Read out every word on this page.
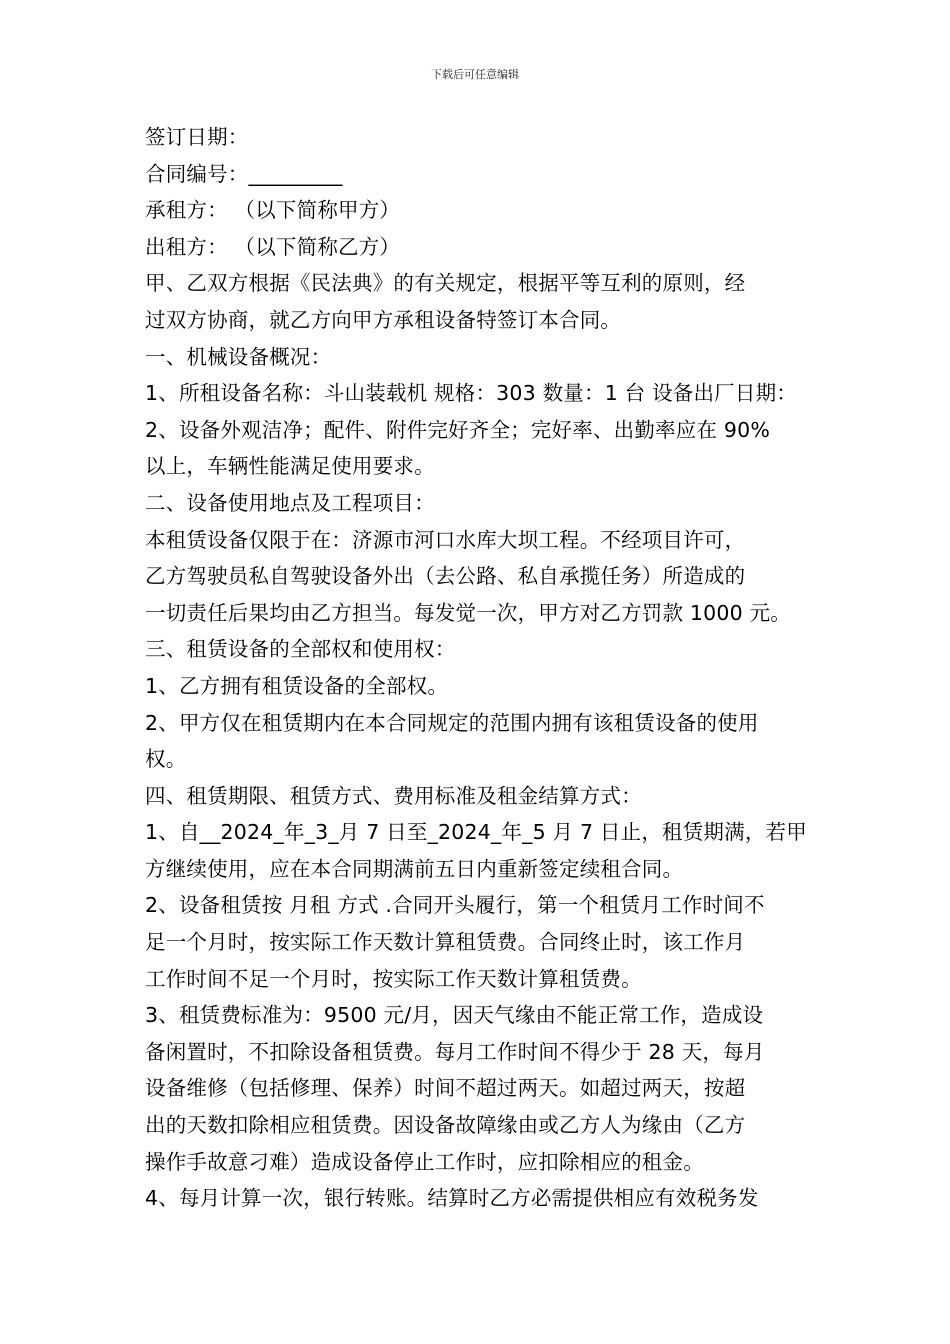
下载后可任意编辑

签订日期：

合同编号：_________

承租方： （以下简称甲方）

出租方： （以下简称乙方）

甲、乙双方根据《民法典》的有关规定，根据平等互利的原则，经

过双方协商，就乙方向甲方承租设备特签订本合同。

一、机械设备概况：

1、所租设备名称：斗山装载机 规格：303 数量：1 台 设备出厂日期：

2、设备外观洁净；配件、附件完好齐全；完好率、出勤率应在 90%

以上，车辆性能满足使用要求。

二、设备使用地点及工程项目：

本租赁设备仅限于在：济源市河口水库大坝工程。不经项目许可，

乙方驾驶员私自驾驶设备外出（去公路、私自承揽任务）所造成的

一切责任后果均由乙方担当。每发觉一次，甲方对乙方罚款 1000 元。

三、租赁设备的全部权和使用权：

1、乙方拥有租赁设备的全部权。

2、甲方仅在租赁期内在本合同规定的范围内拥有该租赁设备的使用

权。

四、租赁期限、租赁方式、费用标准及租金结算方式：

1、自__2024_年_3_月 7 日至_2024_年_5 月 7 日止，租赁期满，若甲

方继续使用，应在本合同期满前五日内重新签定续租合同。

2、设备租赁按 月租 方式 .合同开头履行，第一个租赁月工作时间不

足一个月时，按实际工作天数计算租赁费。合同终止时，该工作月

工作时间不足一个月时，按实际工作天数计算租赁费。

3、租赁费标准为：9500 元/月，因天气缘由不能正常工作，造成设

备闲置时，不扣除设备租赁费。每月工作时间不得少于 28 天，每月

设备维修（包括修理、保养）时间不超过两天。如超过两天，按超

出的天数扣除相应租赁费。因设备故障缘由或乙方人为缘由（乙方

操作手故意刁难）造成设备停止工作时，应扣除相应的租金。

4、每月计算一次，银行转账。结算时乙方必需提供相应有效税务发
